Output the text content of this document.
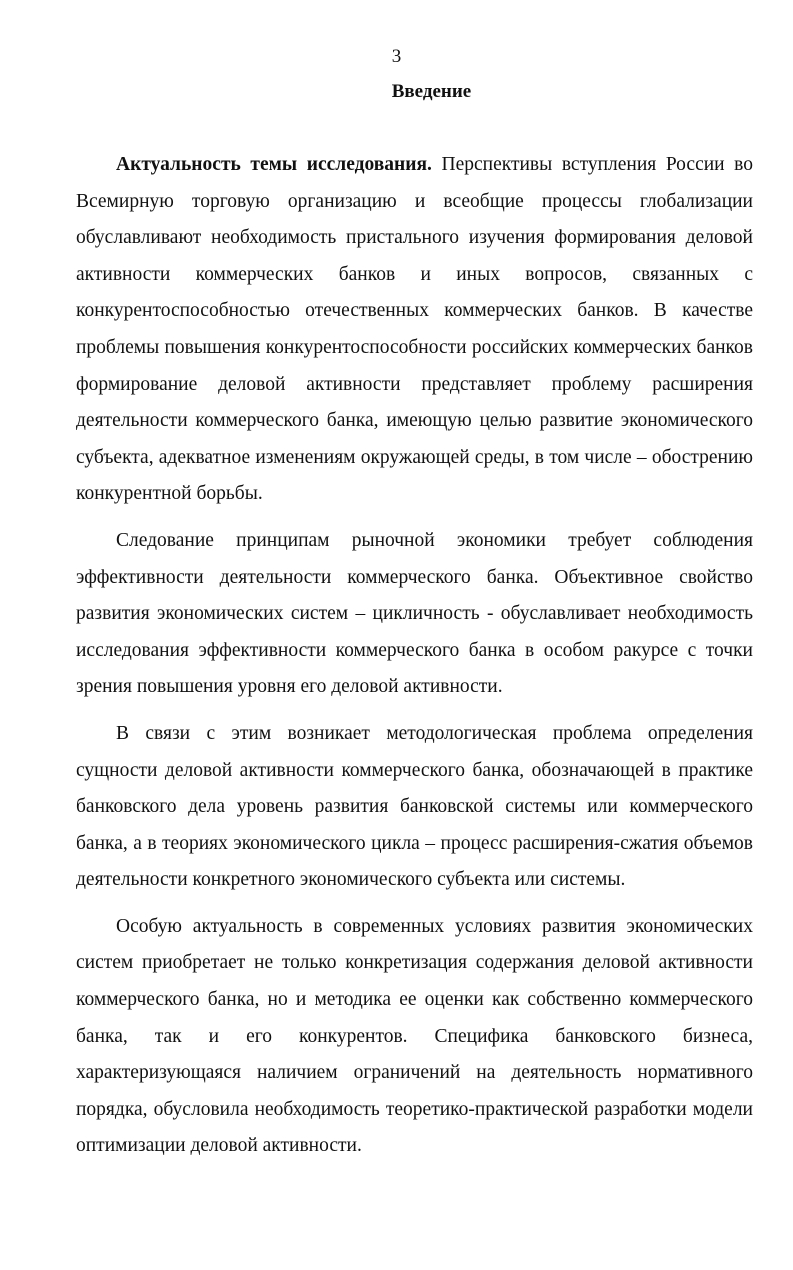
3
Введение

Актуальность темы исследования. Перспективы вступления России во Всемирную торговую организацию и всеобщие процессы глобализации обуславливают необходимость пристального изучения формирования деловой активности коммерческих банков и иных вопросов, связанных с конкурентоспособностью отечественных коммерческих банков. В качестве проблемы повышения конкурентоспособности российских коммерческих банков формирование деловой активности представляет проблему расширения деятельности коммерческого банка, имеющую целью развитие экономического субъекта, адекватное изменениям окружающей среды, в том числе – обострению конкурентной борьбы.

Следование принципам рыночной экономики требует соблюдения эффективности деятельности коммерческого банка. Объективное свойство развития экономических систем – цикличность - обуславливает необходимость исследования эффективности коммерческого банка в особом ракурсе с точки зрения повышения уровня его деловой активности.

В связи с этим возникает методологическая проблема определения сущности деловой активности коммерческого банка, обозначающей в практике банковского дела уровень развития банковской системы или коммерческого банка, а в теориях экономического цикла – процесс расширения-сжатия объемов деятельности конкретного экономического субъекта или системы.

Особую актуальность в современных условиях развития экономических систем приобретает не только конкретизация содержания деловой активности коммерческого банка, но и методика ее оценки как собственно коммерческого банка, так и его конкурентов. Специфика банковского бизнеса, характеризующаяся наличием ограничений на деятельность нормативного порядка, обусловила необходимость теоретико-практической разработки модели оптимизации деловой активности.
